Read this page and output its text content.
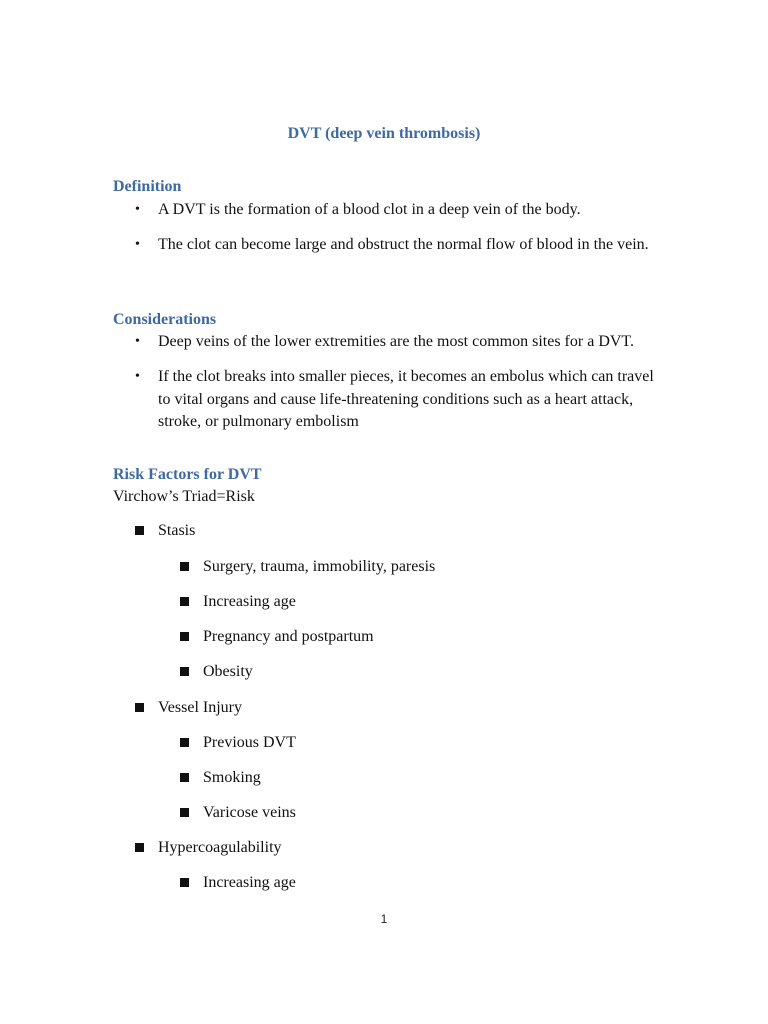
DVT (deep vein thrombosis)
Definition
• A DVT is the formation of a blood clot in a deep vein of the body.
• The clot can become large and obstruct the normal flow of blood in the vein.
Considerations
• Deep veins of the lower extremities are the most common sites for a DVT.
• If the clot breaks into smaller pieces, it becomes an embolus which can travel to vital organs and cause life-threatening conditions such as a heart attack, stroke, or pulmonary embolism
Risk Factors for DVT
Virchow’s Triad=Risk
Stasis
Surgery, trauma, immobility, paresis
Increasing age
Pregnancy and postpartum
Obesity
Vessel Injury
Previous DVT
Smoking
Varicose veins
Hypercoagulability
Increasing age
1
